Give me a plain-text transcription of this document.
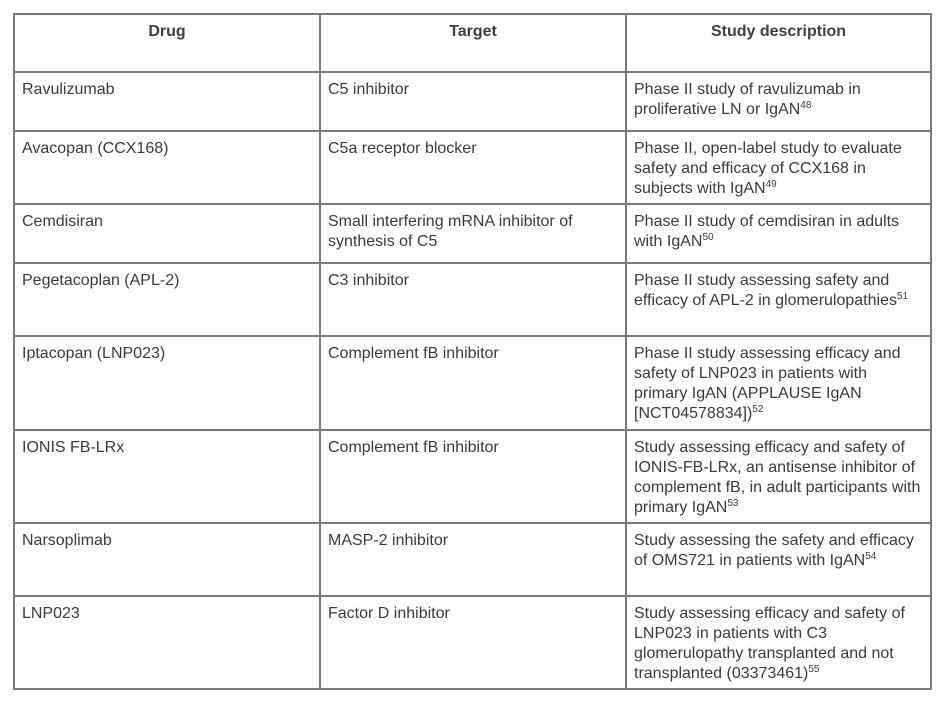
Drug	Target	Study description
Ravulizumab	C5 inhibitor	Phase II study of ravulizumab in proliferative LN or IgAN$^{48}$
Avacopan (CCX168)	C5a receptor blocker	Phase II, open-label study to evaluate safety and efficacy of CCX168 in subjects with IgAN$^{49}$
Cemdisiran	Small interfering mRNA inhibitor of synthesis of C5	Phase II study of cemdisiran in adults with IgAN$^{50}$
Pegetacoplan (APL-2)	C3 inhibitor	Phase II study assessing safety and efficacy of APL-2 in glomerulopathies$^{51}$
Iptacopan (LNP023)	Complement fB inhibitor	Phase II study assessing efficacy and safety of LNP023 in patients with primary IgAN (APPLAUSE IgAN [NCT04578834])$^{52}$
IONIS FB-LRx	Complement fB inhibitor	Study assessing efficacy and safety of IONIS-FB-LRx, an antisense inhibitor of complement fB, in adult participants with primary IgAN$^{53}$
Narsoplimab	MASP-2 inhibitor	Study assessing the safety and efficacy of OMS721 in patients with IgAN$^{54}$
LNP023	Factor D inhibitor	Study assessing efficacy and safety of LNP023 in patients with C3 glomerulopathy transplanted and not transplanted $(03373461)^{55}$
